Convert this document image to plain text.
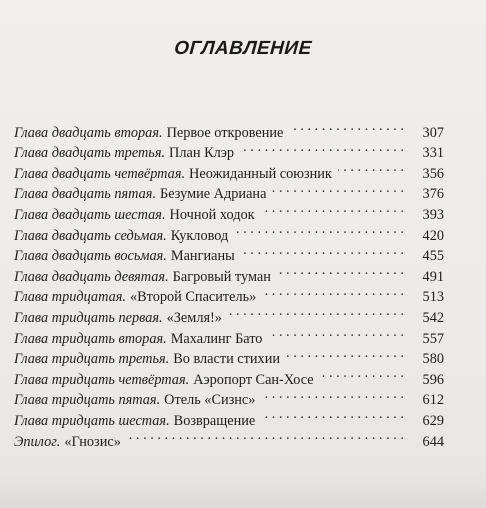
ОГЛАВЛЕНИЕ
Глава двадцать вторая . Первое откровение . . .	307
Глава двадцать третья . План Клэр . . .	331
Глава двадцать четвёртая . Неожиданный союзник . . .	356
Глава двадцать пятая . Безумие Адриана . . .	376
Глава двадцать шестая . Ночной ходок . . .	393
Глава двадцать седьмая . Кукловод . . .	420
Глава двадцать восьмая . Мангианы . . .	455
Глава двадцать девятая . Багровый туман . . .	491
Глава тридцатая . «Второй Спаситель» . . .	513
Глава тридцать первая . «Земля!» . . .	542
Глава тридцать вторая . Махалинг Бато . . .	557
Глава тридцать третья . Во власти стихии . . .	580
Глава тридцать четвёртая . Аэропорт Сан-Хосе . . .	596
Глава тридцать пятая . Отель «Сизнс» . . .	612
Глава тридцать шестая . Возвращение . . .	629
Эпилог . «Гнозис» . . .	644
